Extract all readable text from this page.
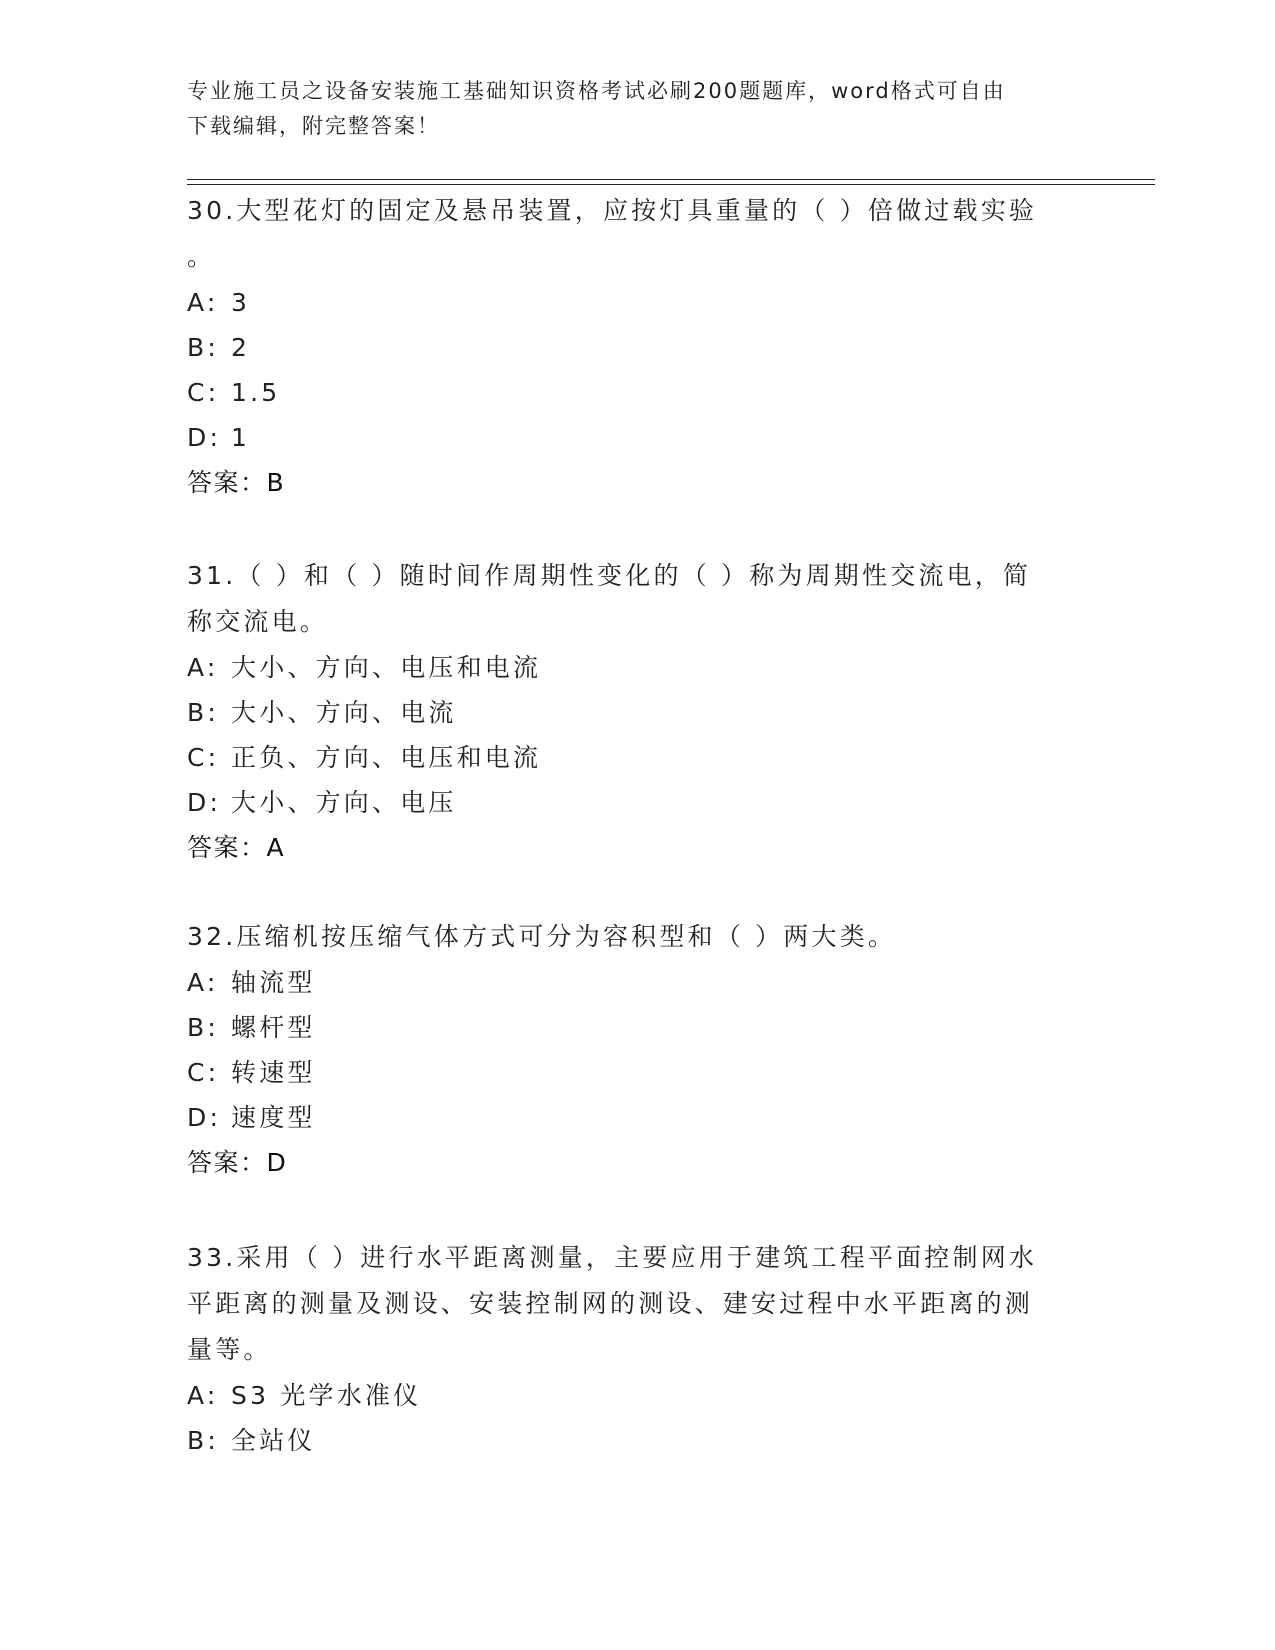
专业施工员之设备安装施工基础知识资格考试必刷200题题库，word格式可自由
下载编辑，附完整答案！
30.大型花灯的固定及悬吊装置，应按灯具重量的（ ）倍做过载实验
。
A: 3
B: 2
C: 1.5
D: 1
答案：B
31.（ ）和（ ）随时间作周期性变化的（ ）称为周期性交流电，简
称交流电。
A: 大小、方向、电压和电流
B: 大小、方向、电流
C: 正负、方向、电压和电流
D: 大小、方向、电压
答案：A
32.压缩机按压缩气体方式可分为容积型和（ ）两大类。
A: 轴流型
B: 螺杆型
C: 转速型
D: 速度型
答案：D
33.采用（ ）进行水平距离测量，主要应用于建筑工程平面控制网水
平距离的测量及测设、安装控制网的测设、建安过程中水平距离的测
量等。
A: S3 光学水准仪
B: 全站仪
